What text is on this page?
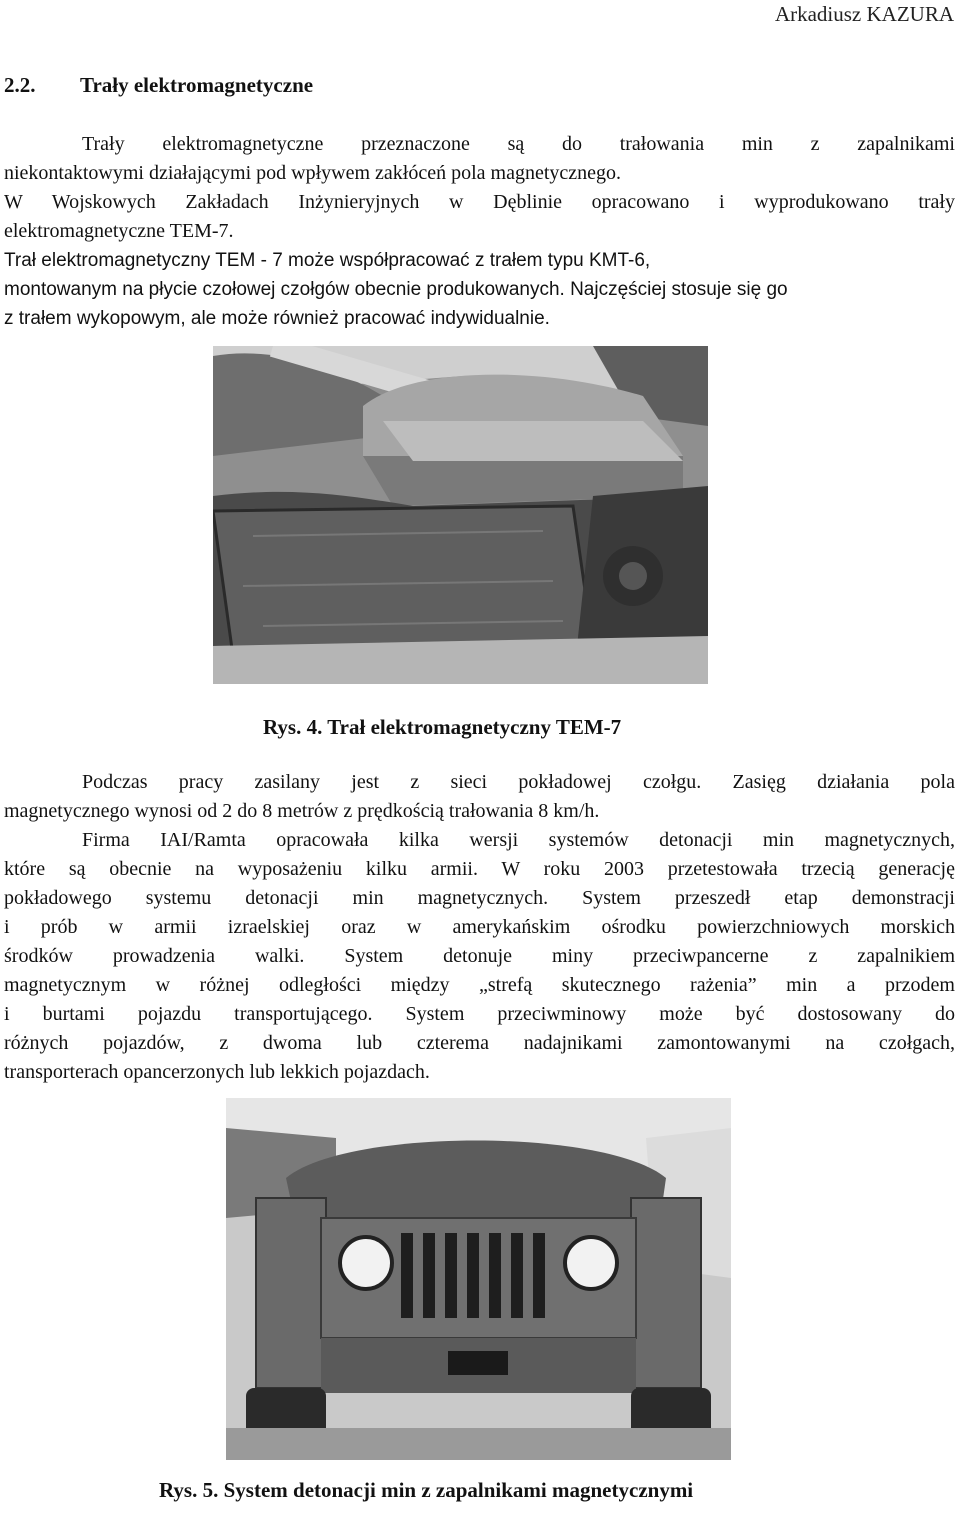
Arkadiusz KAZURA
2.2. Trały elektromagnetyczne
Trały elektromagnetyczne przeznaczone są do trałowania min z zapalnikami
niekontaktowymi działającymi pod wpływem zakłóceń pola magnetycznego.
W Wojskowych Zakładach Inżynieryjnych w Dęblinie opracowano i wyprodukowano trały
elektromagnetyczne TEM-7.
Trał elektromagnetyczny TEM - 7 może współpracować z trałem typu KMT-6,
montowanym na płycie czołowej czołgów obecnie produkowanych. Najczęściej stosuje się go
z trałem wykopowym, ale może również pracować indywidualnie.
Rys. 4. Trał elektromagnetyczny TEM-7
Podczas pracy zasilany jest z sieci pokładowej czołgu. Zasięg działania pola
magnetycznego wynosi od 2 do 8 metrów z prędkością trałowania 8 km/h.
Firma IAI/Ramta opracowała kilka wersji systemów detonacji min magnetycznych,
które są obecnie na wyposażeniu kilku armii. W roku 2003 przetestowała trzecią generację
pokładowego systemu detonacji min magnetycznych. System przeszedł etap demonstracji
i prób w armii izraelskiej oraz w amerykańskim ośrodku powierzchniowych morskich
środków prowadzenia walki. System detonuje miny przeciwpancerne z zapalnikiem
magnetycznym w różnej odległości między „strefą skutecznego rażenia” min a przodem
i burtami pojazdu transportującego. System przeciwminowy może być dostosowany do
różnych pojazdów, z dwoma lub czterema nadajnikami zamontowanymi na czołgach,
transporterach opancerzonych lub lekkich pojazdach.
Rys. 5. System detonacji min z zapalnikami magnetycznymi
